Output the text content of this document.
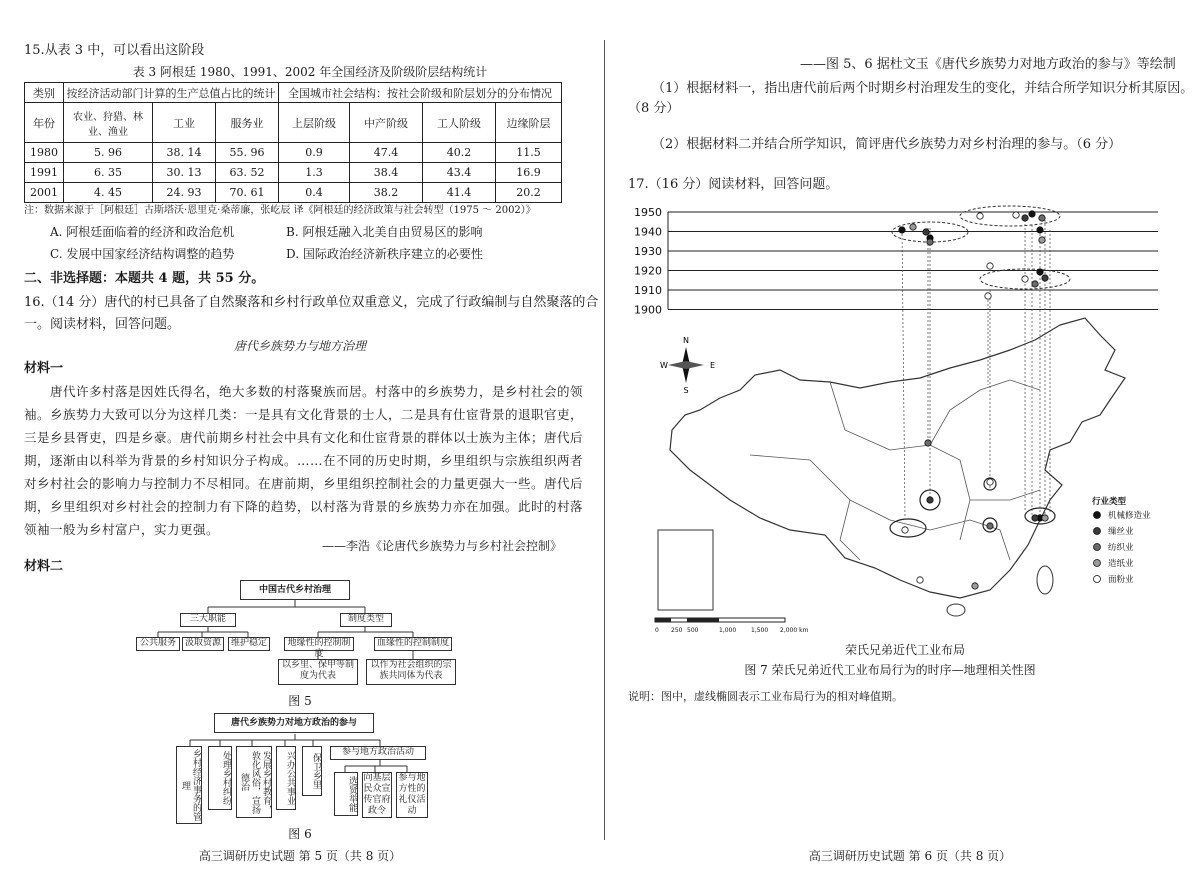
15.从表 3 中，可以看出这阶段
表 3 阿根廷 1980、1991、2002 年全国经济及阶级阶层结构统计
类别	按经济活动部门计算的生产总值占比的统计			全国城市社会结构：按社会阶级和阶层划分的分布情况			
年份	农业、狩猎、林业、渔业	工业	服务业	上层阶级	中产阶级	工人阶级	边缘阶层
1980	5. 96	38. 14	55. 96	0.9	47.4	40.2	11.5
1991	6. 35	30. 13	63. 52	1.3	38.4	43.4	16.9
2001	4. 45	24. 93	70. 61	0.4	38.2	41.4	20.2
注：数据来源于［阿根廷］古斯塔沃·恩里克·桑蒂廉，张屹辰 译《阿根廷的经济政策与社会转型（1975 ～ 2002）》
A. 阿根廷面临着的经济和政治危机	B. 阿根廷融入北美自由贸易区的影响
C. 发展中国家经济结构调整的趋势	D. 国际政治经济新秩序建立的必要性
二、非选择题：本题共 4 题，共 55 分。
16.（14 分）唐代的村已具备了自然聚落和乡村行政单位双重意义，完成了行政编制与自然聚落的合
一。阅读材料，回答问题。
唐代乡族势力与地方治理
材料一
唐代许多村落是因姓氏得名，绝大多数的村落聚族而居。村落中的乡族势力，是乡村社会的领
袖。乡族势力大致可以分为这样几类：一是具有文化背景的士人，二是具有仕宦背景的退职官吏，
三是乡县胥吏，四是乡豪。唐代前期乡村社会中具有文化和仕宦背景的群体以士族为主体；唐代后
期，逐渐由以科举为背景的乡村知识分子构成。……在不同的历史时期，乡里组织与宗族组织两者
对乡村社会的影响力与控制力不尽相同。在唐前期，乡里组织控制社会的力量更强大一些。唐代后
期，乡里组织对乡村社会的控制力有下降的趋势，以村落为背景的乡族势力亦在加强。此时的村落
领袖一般为乡村富户，实力更强。
——李浩《论唐代乡族势力与乡村社会控制》
材料二
中国古代乡村治理
三大职能	制度类型
公共服务 汲取资源	维护稳定	地缘性的控制制度
血缘性的控制制度
以乡里、保甲等制度为代表
以作为社会组织的宗族共同体为代表
图 5
唐代乡族势力对地方政治的参与
乡村经济事务的管理	处理乡村纠纷	发展乡村教育，敦化风俗，宣扬德治	兴办公共事业	保卫乡里
参与地方政治活动
选贤举能 向基层民众宣传官府政令
参与地方性的礼仪活动
图 6
高三调研历史试题 第 5 页（共 8 页）
——图 5、6 据杜文玉《唐代乡族势力对地方政治的参与》等绘制
（1）根据材料一，指出唐代前后两个时期乡村治理发生的变化，并结合所学知识分析其原因。
（8 分）
（2）根据材料二并结合所学知识，简评唐代乡族势力对乡村治理的参与。（6 分）
17.（16 分）阅读材料，回答问题。
1950
1940
1930
1920
1910
1900
N
S
E
W
0 250 500	1,000 1,500 2,000 km
行业类型
机械修造业
缫丝业
纺织业
造纸业
面粉业
荣氏兄弟近代工业布局
图 7 荣氏兄弟近代工业布局行为的时序—地理相关性图
说明：图中，虚线椭圆表示工业布局行为的相对峰值期。
高三调研历史试题 第 6 页（共 8 页）
